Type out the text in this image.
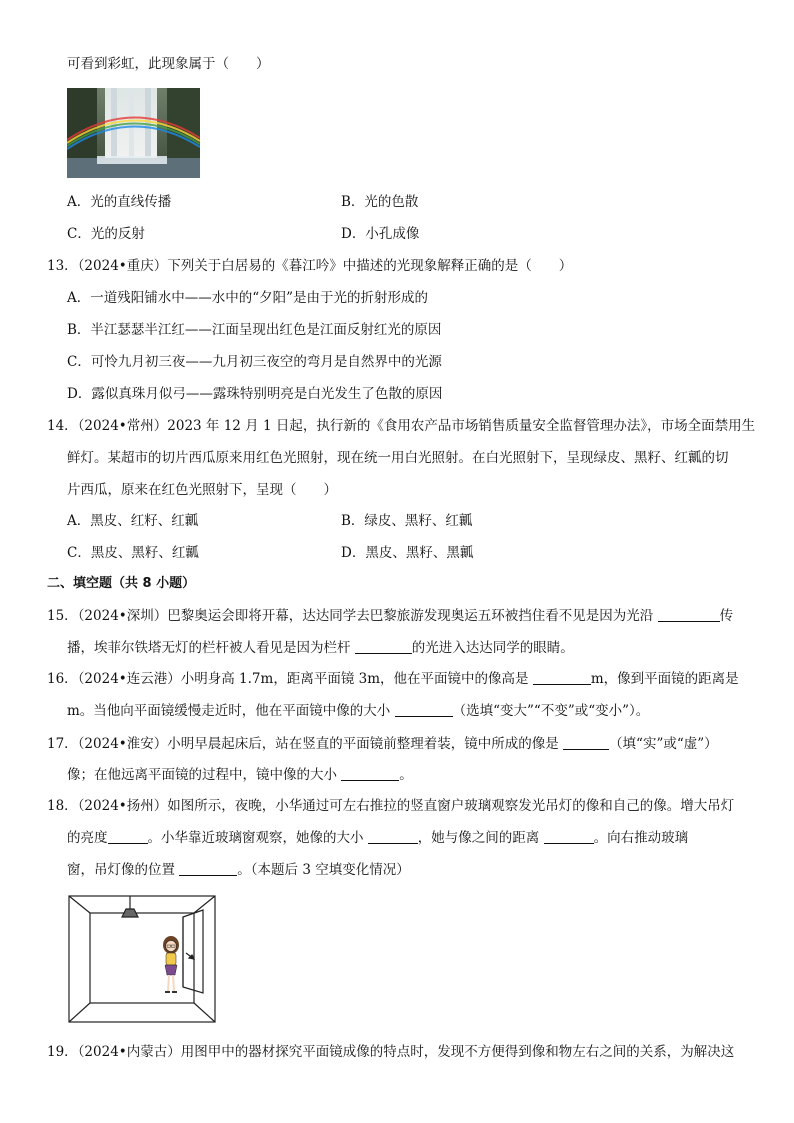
可看到彩虹，此现象属于（　　）
A．光的直线传播	B．光的色散
C．光的反射	D．小孔成像
13．（2024•重庆）下列关于白居易的《暮江吟》中描述的光现象解释正确的是（　　）
A．一道残阳铺水中——水中的“夕阳”是由于光的折射形成的
B．半江瑟瑟半江红——江面呈现出红色是江面反射红光的原因
C．可怜九月初三夜——九月初三夜空的弯月是自然界中的光源
D．露似真珠月似弓——露珠特别明亮是白光发生了色散的原因
14．（2024•常州）2023 年 12 月 1 日起，执行新的《食用农产品市场销售质量安全监督管理办法》，市场全面禁用生
鲜灯。某超市的切片西瓜原来用红色光照射，现在统一用白光照射。在白光照射下，呈现绿皮、黑籽、红瓤的切
片西瓜，原来在红色光照射下，呈现（　　）
A．黑皮、红籽、红瓤	B．绿皮、黑籽、红瓤
C．黑皮、黑籽、红瓤	D．黑皮、黑籽、黑瓤
二、填空题（共 8 小题）
15．（2024•深圳）巴黎奥运会即将开幕，达达同学去巴黎旅游发现奥运五环被挡住看不见是因为光沿	传
播，埃菲尔铁塔无灯的栏杆被人看见是因为栏杆	的光进入达达同学的眼睛。
16．（2024•连云港）小明身高 1.7m，距离平面镜 3m，他在平面镜中的像高是	m，像到平面镜的距离是
m。当他向平面镜缓慢走近时，他在平面镜中像的大小	（选填“变大”“不变”或“变小”）。
17．（2024•淮安）小明早晨起床后，站在竖直的平面镜前整理着装，镜中所成的像是	（填“实”或“虚”）
像；在他远离平面镜的过程中，镜中像的大小	。
18．（2024•扬州）如图所示，夜晚，小华通过可左右推拉的竖直窗户玻璃观察发光吊灯的像和自己的像。增大吊灯
的亮度	。小华靠近玻璃窗观察，她像的大小	，她与像之间的距离	。向右推动玻璃
窗，吊灯像的位置	。（本题后 3 空填变化情况）
19．（2024•内蒙古）用图甲中的器材探究平面镜成像的特点时，发现不方便得到像和物左右之间的关系，为解决这
